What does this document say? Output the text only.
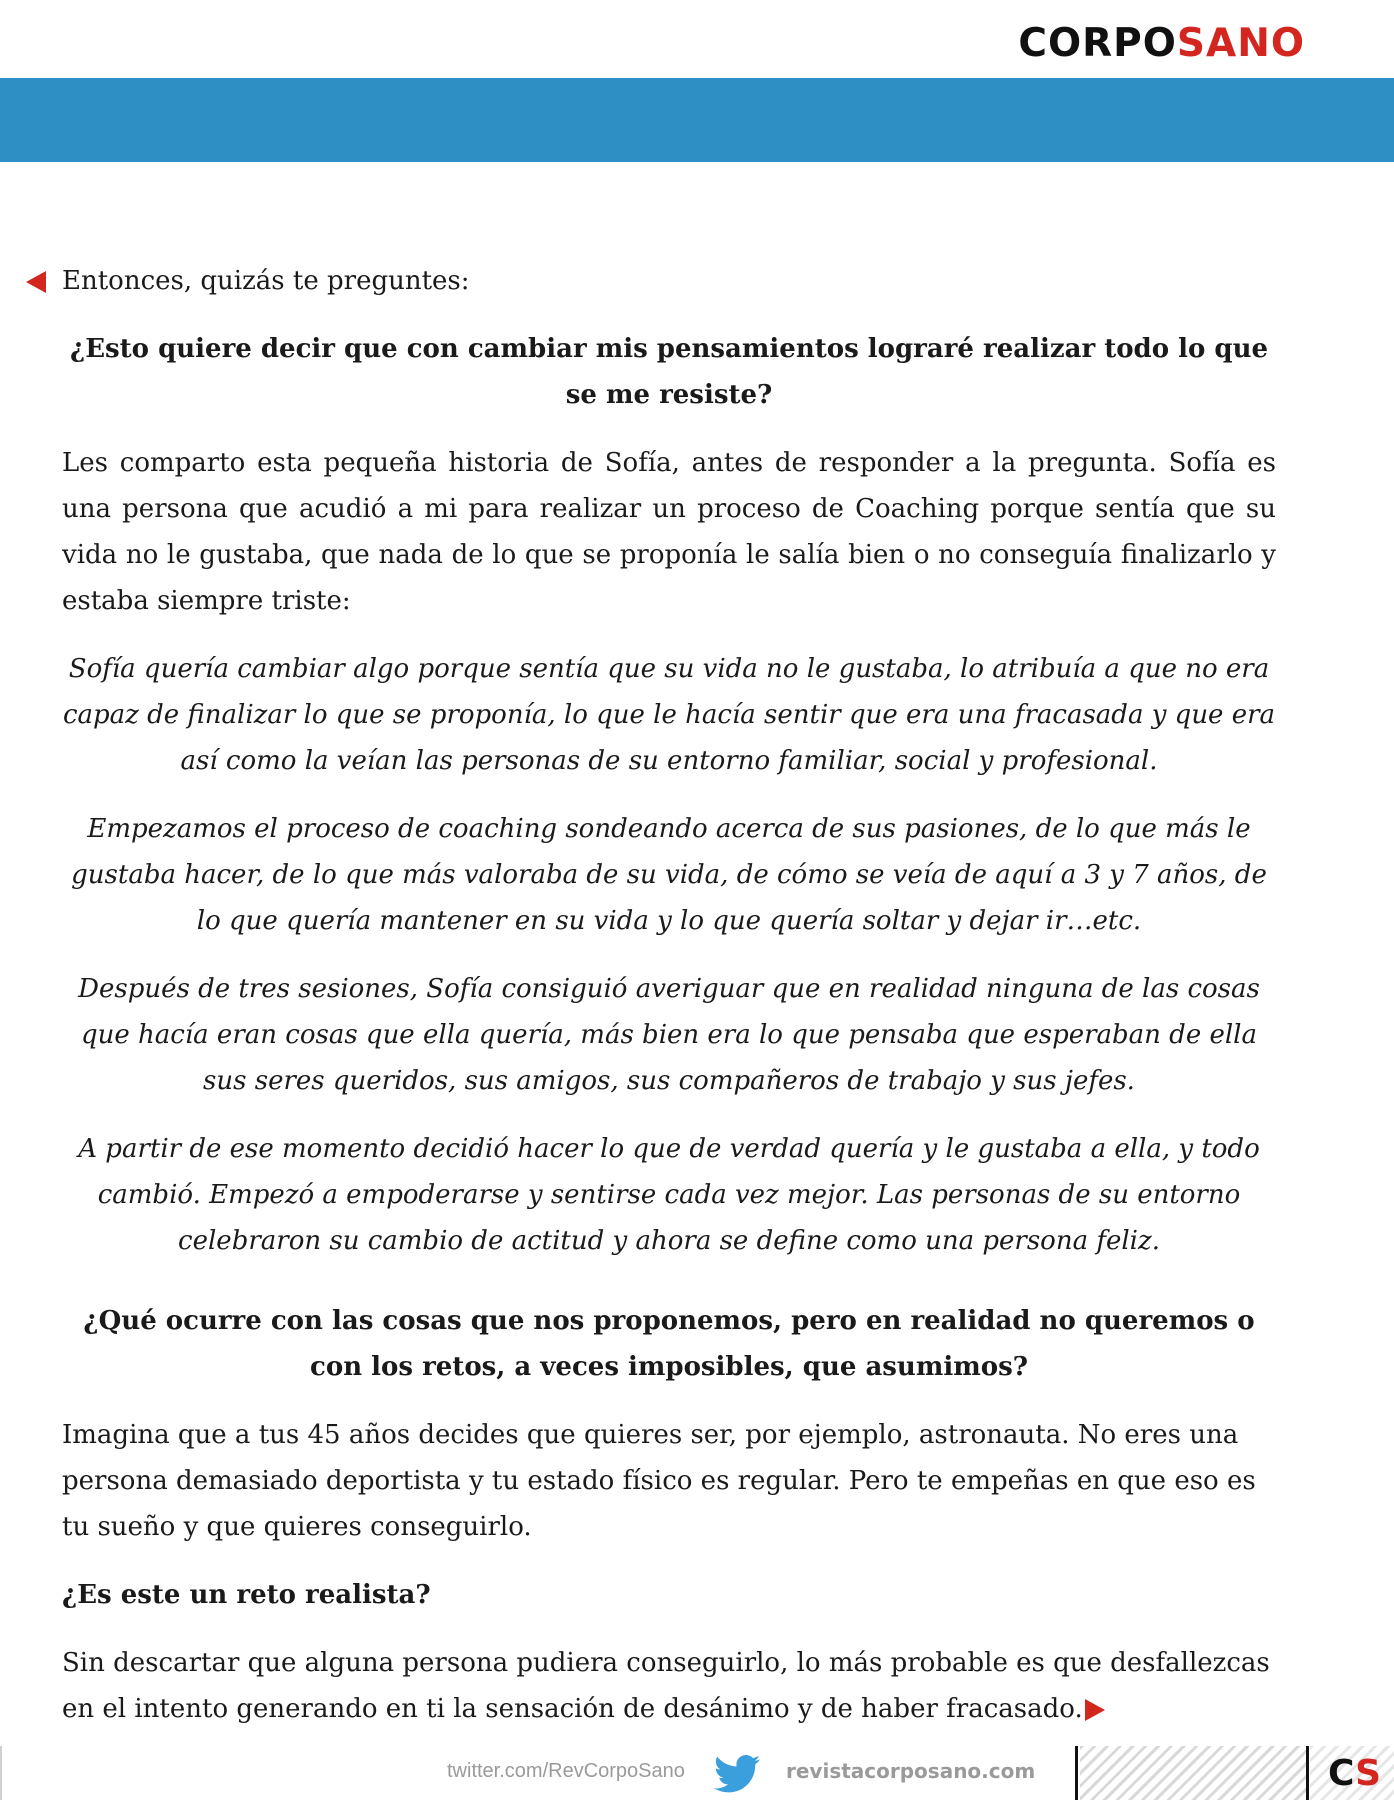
CORPOSANO

Entonces, quizás te preguntes:

¿Esto quiere decir que con cambiar mis pensamientos lograré realizar todo lo que se me resiste?

Les comparto esta pequeña historia de Sofía, antes de responder a la pregunta. Sofía es una persona que acudió a mi para realizar un proceso de Coaching porque sentía que su vida no le gustaba, que nada de lo que se proponía le salía bien o no conseguía finalizarlo y estaba siempre triste:

Sofía quería cambiar algo porque sentía que su vida no le gustaba, lo atribuía a que no era capaz de finalizar lo que se proponía, lo que le hacía sentir que era una fracasada y que era así como la veían las personas de su entorno familiar, social y profesional.

Empezamos el proceso de coaching sondeando acerca de sus pasiones, de lo que más le gustaba hacer, de lo que más valoraba de su vida, de cómo se veía de aquí a 3 y 7 años, de lo que quería mantener en su vida y lo que quería soltar y dejar ir…etc.

Después de tres sesiones, Sofía consiguió averiguar que en realidad ninguna de las cosas que hacía eran cosas que ella quería, más bien era lo que pensaba que esperaban de ella sus seres queridos, sus amigos, sus compañeros de trabajo y sus jefes.

A partir de ese momento decidió hacer lo que de verdad quería y le gustaba a ella, y todo cambió. Empezó a empoderarse y sentirse cada vez mejor. Las personas de su entorno celebraron su cambio de actitud y ahora se define como una persona feliz.

¿Qué ocurre con las cosas que nos proponemos, pero en realidad no queremos o con los retos, a veces imposibles, que asumimos?

Imagina que a tus 45 años decides que quieres ser, por ejemplo, astronauta. No eres una persona demasiado deportista y tu estado físico es regular. Pero te empeñas en que eso es tu sueño y que quieres conseguirlo.

¿Es este un reto realista?

Sin descartar que alguna persona pudiera conseguirlo, lo más probable es que desfallezcas en el intento generando en ti la sensación de desánimo y de haber fracasado.

twitter.com/RevCorpoSano	revistacorposano.com	CS
